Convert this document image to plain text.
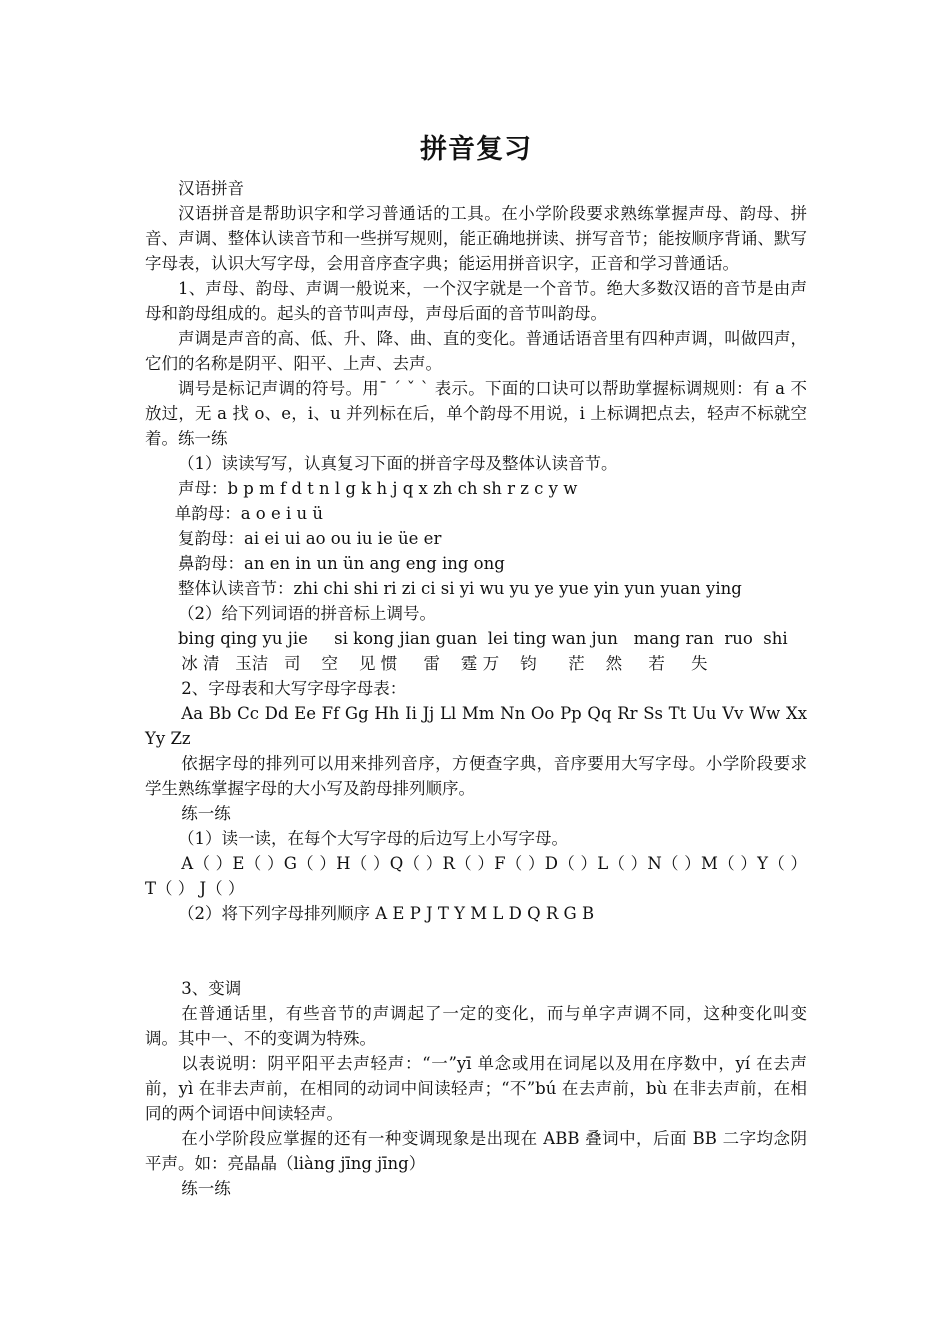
拼音复习

汉语拼音

汉语拼音是帮助识字和学习普通话的工具。在小学阶段要求熟练掌握声母、韵母、拼音、声调、整体认读音节和一些拼写规则，能正确地拼读、拼写音节；能按顺序背诵、默写字母表，认识大写字母，会用音序查字典；能运用拼音识字，正音和学习普通话。

1、声母、韵母、声调一般说来，一个汉字就是一个音节。绝大多数汉语的音节是由声母和韵母组成的。起头的音节叫声母，声母后面的音节叫韵母。

声调是声音的高、低、升、降、曲、直的变化。普通话语音里有四种声调，叫做四声，它们的名称是阴平、阳平、上声、去声。

调号是标记声调的符号。用ˉ ˊ ˇ ˋ 表示。下面的口诀可以帮助掌握标调规则：有 a 不放过，无 a 找 o、e，i、u 并列标在后，单个韵母不用说，i 上标调把点去，轻声不标就空着。练一练

（1）读读写写，认真复习下面的拼音字母及整体认读音节。

声母：b p m f d t n l g k h j q x zh ch sh r z c y w

单韵母：a o e i u ü

复韵母：ai ei ui ao ou iu ie üe er

鼻韵母：an en in un ün ang eng ing ong

整体认读音节：zhi chi shi ri zi ci si yi wu yu ye yue yin yun yuan ying

（2）给下列词语的拼音标上调号。

bing qing yu jie     si kong jian guan  lei ting wan jun   mang ran  ruo  shi

冰 清   玉洁   司    空    见 惯     雷    霆 万    钧      茫    然     若     失

2、字母表和大写字母字母表：

Aa Bb Cc Dd Ee Ff Gg Hh Ii Jj Ll Mm Nn Oo Pp Qq Rr Ss Tt Uu Vv Ww Xx Yy Zz

依据字母的排列可以用来排列音序，方便查字典，音序要用大写字母。小学阶段要求学生熟练掌握字母的大小写及韵母排列顺序。

练一练

（1）读一读，在每个大写字母的后边写上小写字母。

A（ ）E（ ）G（ ）H（ ）Q（ ）R（ ）F（ ）D（ ）L（ ）N（ ）M（ ）Y（ ） T（ ） J（ ）

（2）将下列字母排列顺序 A E P J T Y M L D Q R G B

3、变调

在普通话里，有些音节的声调起了一定的变化，而与单字声调不同，这种变化叫变调。其中一、不的变调为特殊。

以表说明：阴平阳平去声轻声：“一”yī 单念或用在词尾以及用在序数中，yí 在去声前，yì 在非去声前，在相同的动词中间读轻声；“不”bú 在去声前，bù 在非去声前，在相同的两个词语中间读轻声。

在小学阶段应掌握的还有一种变调现象是出现在 ABB 叠词中，后面 BB 二字均念阴平声。如：亮晶晶（liàng jīng jīng）

练一练
